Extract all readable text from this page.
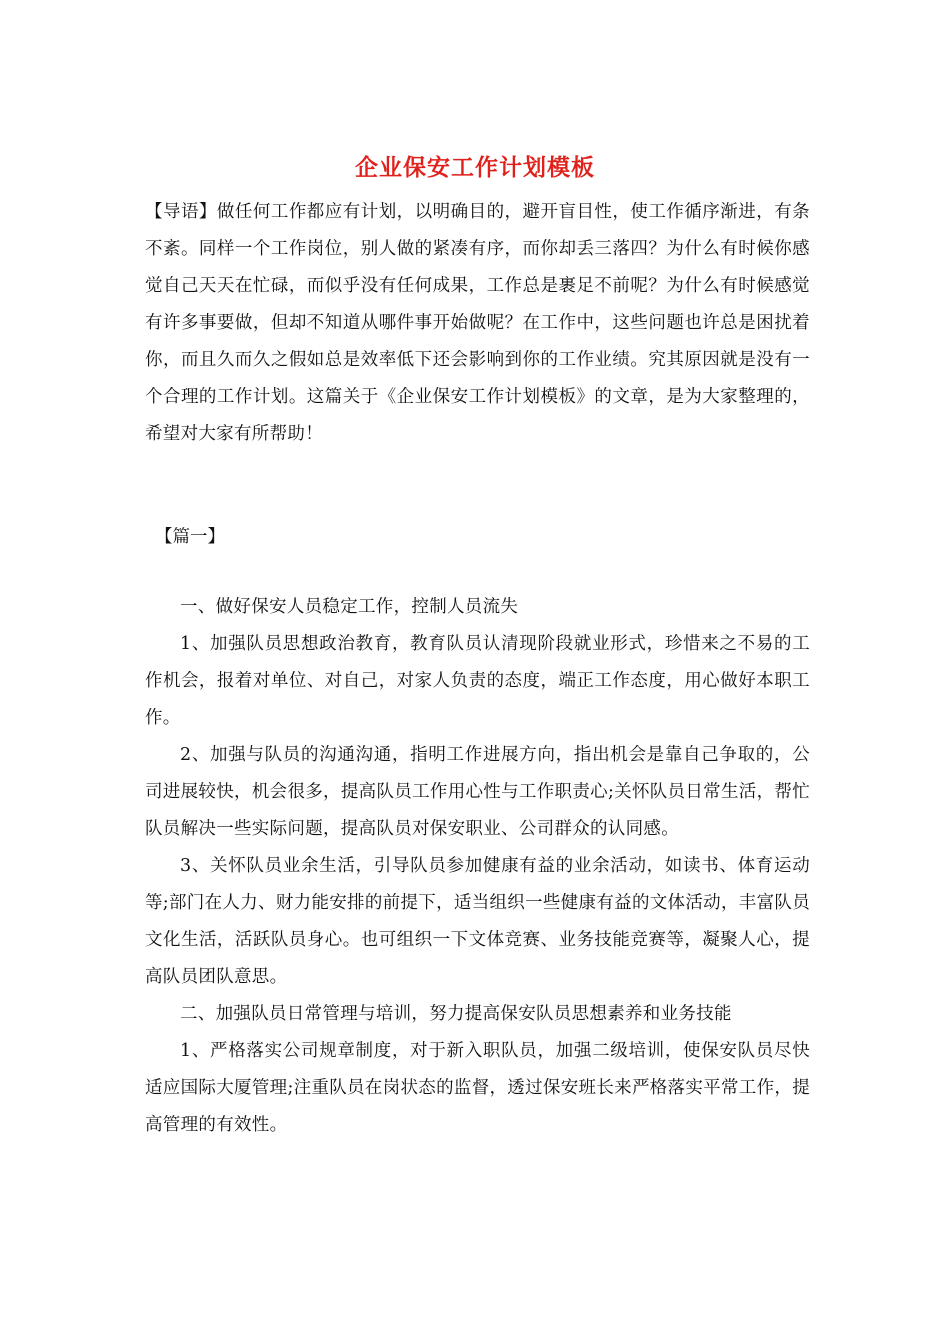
企业保安工作计划模板

【导语】做任何工作都应有计划，以明确目的，避开盲目性，使工作循序渐进，有条不紊。同样一个工作岗位，别人做的紧凑有序，而你却丢三落四？为什么有时候你感觉自己天天在忙碌，而似乎没有任何成果，工作总是裹足不前呢？为什么有时候感觉有许多事要做，但却不知道从哪件事开始做呢？在工作中，这些问题也许总是困扰着你，而且久而久之假如总是效率低下还会影响到你的工作业绩。究其原因就是没有一个合理的工作计划。这篇关于《企业保安工作计划模板》的文章，是为大家整理的，希望对大家有所帮助！

【篇一】

一、做好保安人员稳定工作，控制人员流失

1、加强队员思想政治教育，教育队员认清现阶段就业形式，珍惜来之不易的工作机会，报着对单位、对自己，对家人负责的态度，端正工作态度，用心做好本职工作。

2、加强与队员的沟通沟通，指明工作进展方向，指出机会是靠自己争取的，公司进展较快，机会很多，提高队员工作用心性与工作职责心;关怀队员日常生活，帮忙队员解决一些实际问题，提高队员对保安职业、公司群众的认同感。

3、关怀队员业余生活，引导队员参加健康有益的业余活动，如读书、体育运动等;部门在人力、财力能安排的前提下，适当组织一些健康有益的文体活动，丰富队员文化生活，活跃队员身心。也可组织一下文体竞赛、业务技能竞赛等，凝聚人心，提高队员团队意思。

二、加强队员日常管理与培训，努力提高保安队员思想素养和业务技能

1、严格落实公司规章制度，对于新入职队员，加强二级培训，使保安队员尽快适应国际大厦管理;注重队员在岗状态的监督，透过保安班长来严格落实平常工作，提高管理的有效性。
